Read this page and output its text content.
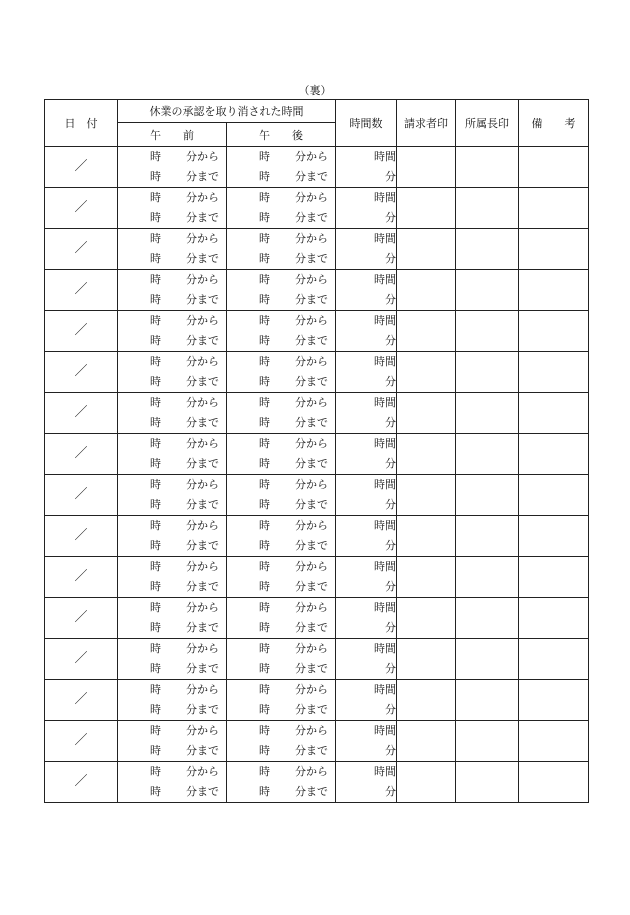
（裏）
日　付	休業の承認を取り消された時間		時間数	請求者印	所属長印	備　　考
	午　　前	午　　後				
／	時 分から	時 分から	時間			

	時 分まで	時 分まで	分			
／	時 分から	時 分から	時間			

	時 分まで	時 分まで	分			
／	時 分から	時 分から	時間			

	時 分まで	時 分まで	分			
／	時 分から	時 分から	時間			

	時 分まで	時 分まで	分			
／	時 分から	時 分から	時間			

	時 分まで	時 分まで	分			
／	時 分から	時 分から	時間			

	時 分まで	時 分まで	分			
／	時 分から	時 分から	時間			

	時 分まで	時 分まで	分			
／	時 分から	時 分から	時間			

	時 分まで	時 分まで	分			
／	時 分から	時 分から	時間			

	時 分まで	時 分まで	分			
／	時 分から	時 分から	時間			

	時 分まで	時 分まで	分			
／	時 分から	時 分から	時間			

	時 分まで	時 分まで	分			
／	時 分から	時 分から	時間			

	時 分まで	時 分まで	分			
／	時 分から	時 分から	時間			

	時 分まで	時 分まで	分			
／	時 分から	時 分から	時間			

	時 分まで	時 分まで	分			
／	時 分から	時 分から	時間			

	時 分まで	時 分まで	分			
／	時 分から	時 分から	時間			

	時 分まで	時 分まで	分			
